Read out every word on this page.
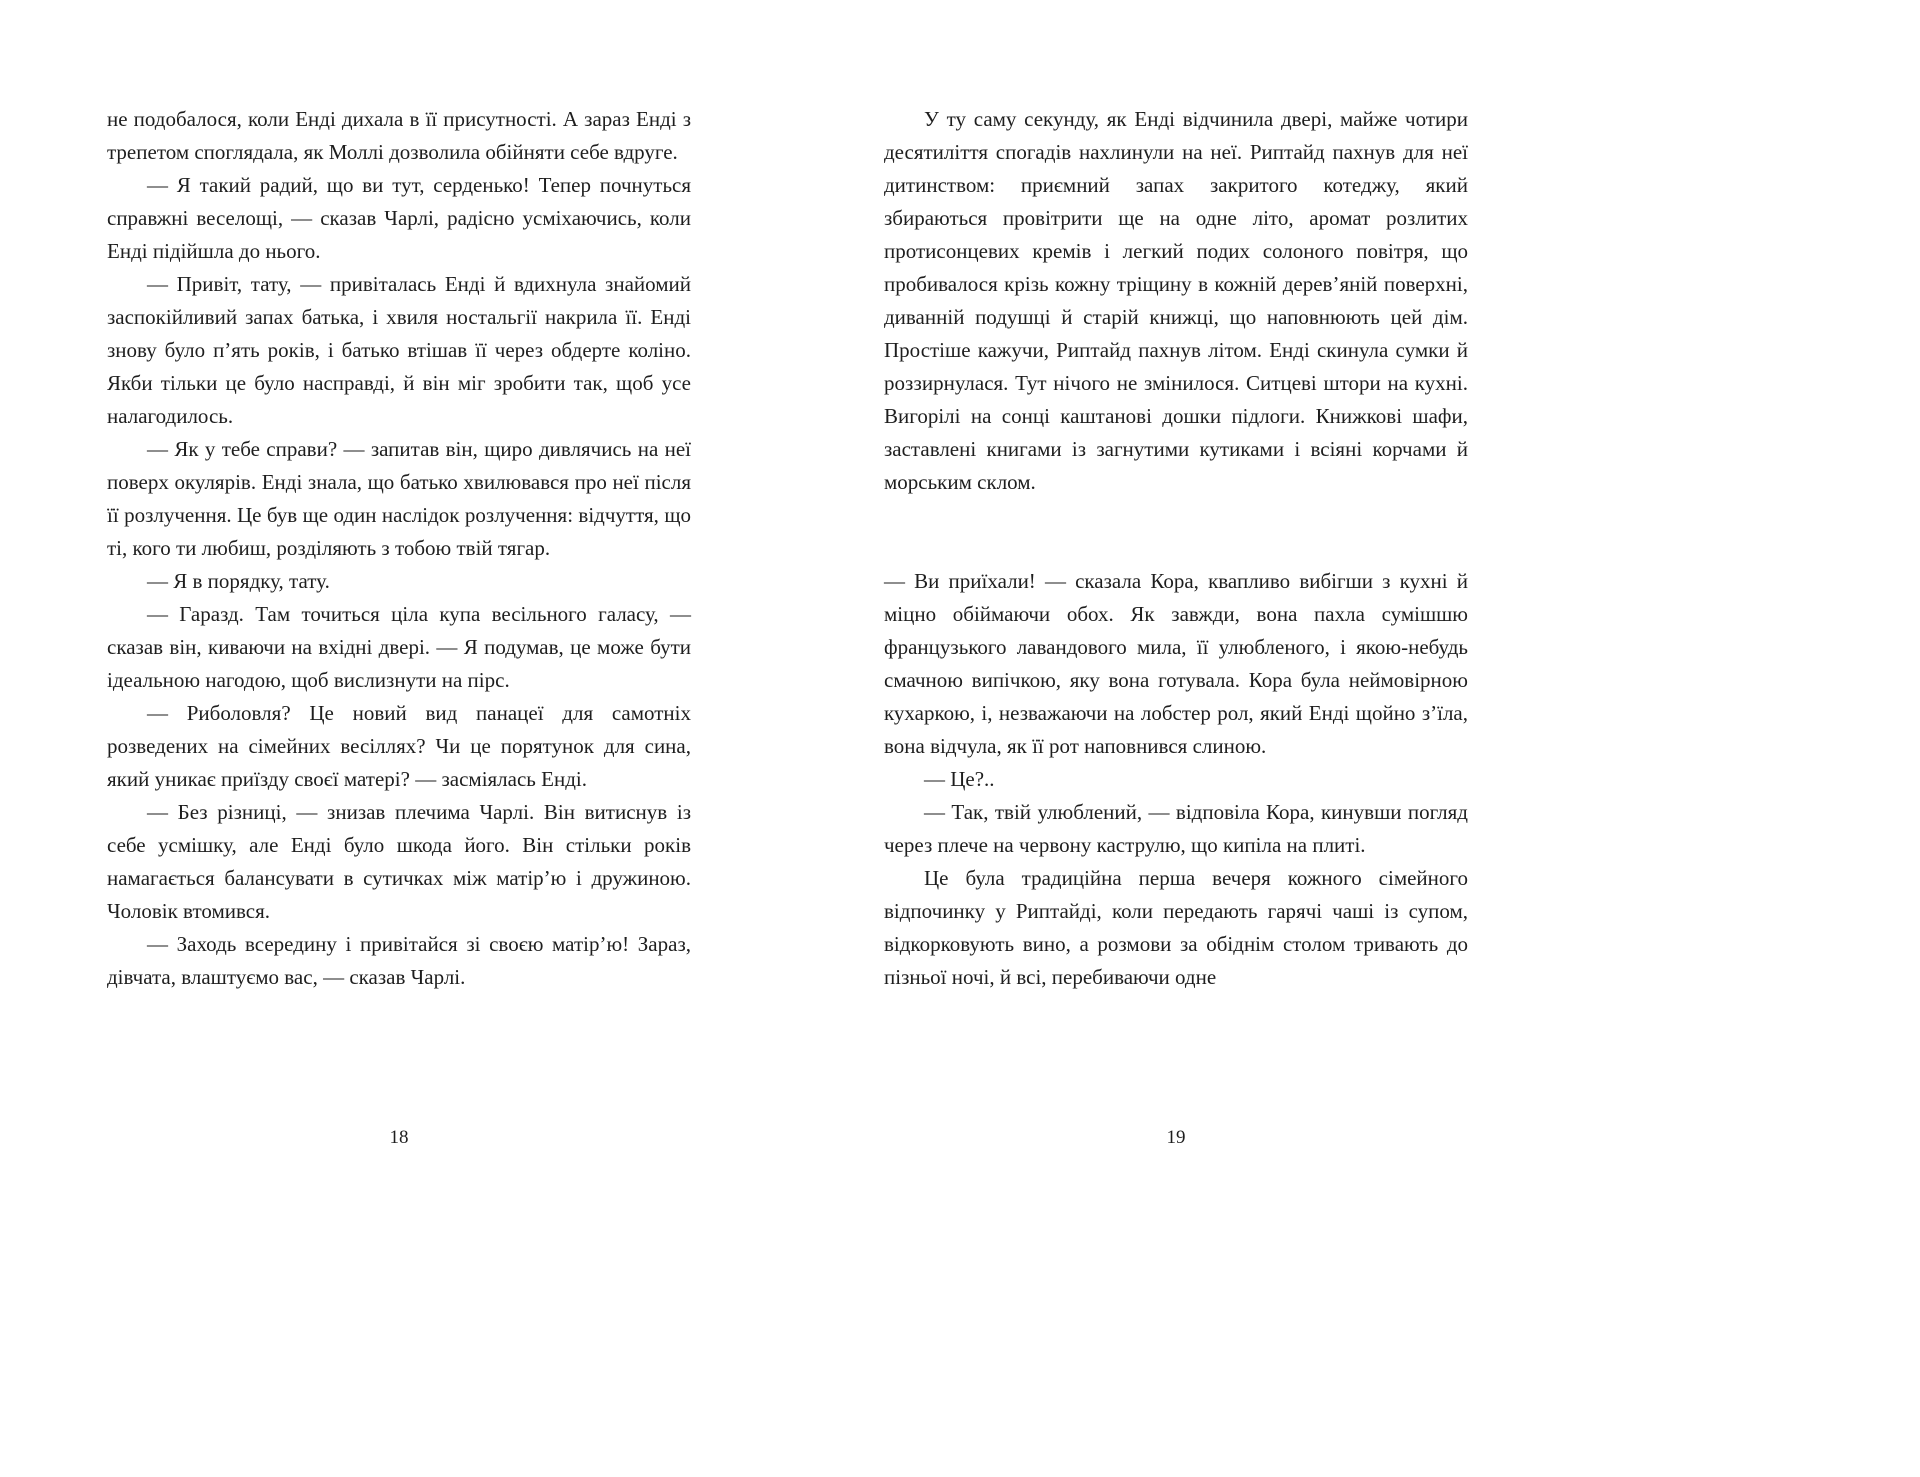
не подобалося, коли Енді дихала в її присутності. А зараз Енді з трепетом споглядала, як Моллі дозволила обійняти себе вдруге.

— Я такий радий, що ви тут, серденько! Тепер почнуться справжні веселощі, — сказав Чарлі, радісно усміхаючись, коли Енді підійшла до нього.

— Привіт, тату, — привіталась Енді й вдихнула знайомий заспокійливий запах батька, і хвиля ностальгії накрила її. Енді знову було п’ять років, і батько втішав її через обдерте коліно. Якби тільки це було насправді, й він міг зробити так, щоб усе налагодилось.

— Як у тебе справи? — запитав він, щиро дивлячись на неї поверх окулярів. Енді знала, що батько хвилювався про неї після її розлучення. Це був ще один наслідок розлучення: відчуття, що ті, кого ти любиш, розділяють з тобою твій тягар.

— Я в порядку, тату.

— Гаразд. Там точиться ціла купа весільного галасу, — сказав він, киваючи на вхідні двері. — Я подумав, це може бути ідеальною нагодою, щоб вислизнути на пірс.

— Риболовля? Це новий вид панацеї для самотніх розведених на сімейних весіллях? Чи це порятунок для сина, який уникає приїзду своєї матері? — засміялась Енді.

— Без різниці, — знизав плечима Чарлі. Він витиснув із себе усмішку, але Енді було шкода його. Він стільки років намагається балансувати в сутичках між матір’ю і дружиною. Чоловік втомився.

— Заходь всередину і привітайся зі своєю матір’ю! Зараз, дівчата, влаштуємо вас, — сказав Чарлі.

18

У ту саму секунду, як Енді відчинила двері, майже чотири десятиліття спогадів нахлинули на неї. Риптайд пахнув для неї дитинством: приємний запах закритого котеджу, який збираються провітрити ще на одне літо, аромат розлитих протисонцевих кремів і легкий подих солоного повітря, що пробивалося крізь кожну тріщину в кожній дерев’яній поверхні, диванній подушці й старій книжці, що наповнюють цей дім. Простіше кажучи, Риптайд пахнув літом. Енді скинула сумки й роззирнулася. Тут нічого не змінилося. Ситцеві штори на кухні. Вигорілі на сонці каштанові дошки підлоги. Книжкові шафи, заставлені книгами із загнутими кутиками і всіяні корчами й морським склом.

— Ви приїхали! — сказала Кора, квапливо вибігши з кухні й міцно обіймаючи обох. Як завжди, вона пахла сумішшю французького лавандового мила, її улюбленого, і якою-небудь смачною випічкою, яку вона готувала. Кора була неймовірною кухаркою, і, незважаючи на лобстер рол, який Енді щойно з’їла, вона відчула, як її рот наповнився слиною.

— Це?..

— Так, твій улюблений, — відповіла Кора, кинувши погляд через плече на червону каструлю, що кипіла на плиті.

Це була традиційна перша вечеря кожного сімейного відпочинку у Риптайді, коли передають гарячі чаші із супом, відкорковують вино, а розмови за обіднім столом тривають до пізньої ночі, й всі, перебиваючи одне

19
